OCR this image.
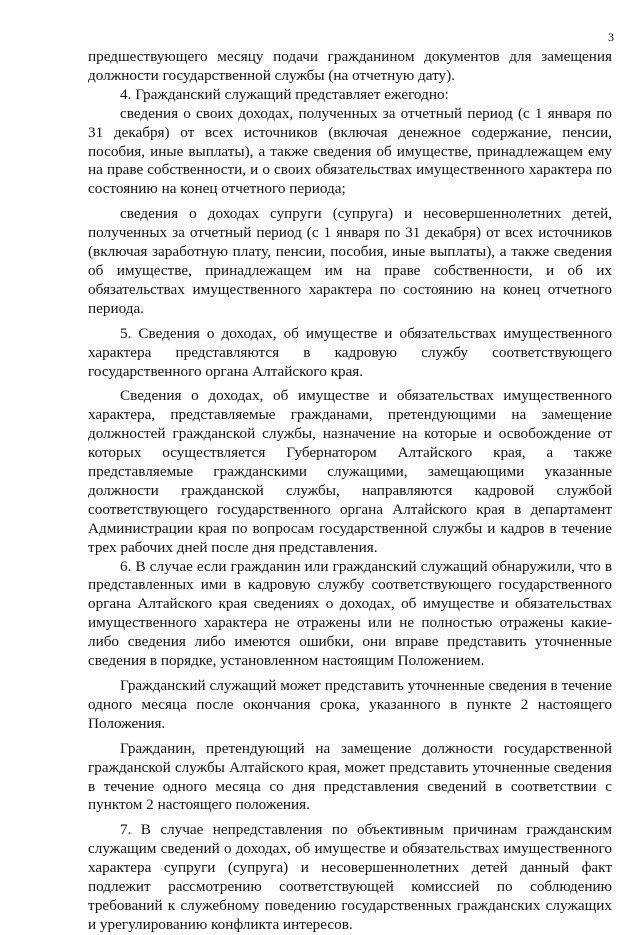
3

предшествующего месяцу подачи гражданином документов для замещения должности государственной службы (на отчетную дату).

4. Гражданский служащий представляет ежегодно:

сведения о своих доходах, полученных за отчетный период (с 1 января по 31 декабря) от всех источников (включая денежное содержание, пенсии, пособия, иные выплаты), а также сведения об имуществе, принадлежащем ему на праве собственности, и о своих обязательствах имущественного характера по состоянию на конец отчетного периода;

сведения о доходах супруги (супруга) и несовершеннолетних детей, полученных за отчетный период (с 1 января по 31 декабря) от всех источников (включая заработную плату, пенсии, пособия, иные выплаты), а также сведения об имуществе, принадлежащем им на праве собственности, и об их обязательствах имущественного характера по состоянию на конец отчетного периода.

5. Сведения о доходах, об имуществе и обязательствах имущественного характера представляются в кадровую службу соответствующего государственного органа Алтайского края.

Сведения о доходах, об имуществе и обязательствах имущественного характера, представляемые гражданами, претендующими на замещение должностей гражданской службы, назначение на которые и освобождение от которых осуществляется Губернатором Алтайского края, а также представляемые гражданскими служащими, замещающими указанные должности гражданской службы, направляются кадровой службой соответствующего государственного органа Алтайского края в департамент Администрации края по вопросам государственной службы и кадров в течение трех рабочих дней после дня представления.

6. В случае если гражданин или гражданский служащий обнаружили, что в представленных ими в кадровую службу соответствующего государственного органа Алтайского края сведениях о доходах, об имуществе и обязательствах имущественного характера не отражены или не полностью отражены какие-либо сведения либо имеются ошибки, они вправе представить уточненные сведения в порядке, установленном настоящим Положением.

Гражданский служащий может представить уточненные сведения в течение одного месяца после окончания срока, указанного в пункте 2 настоящего Положения.

Гражданин, претендующий на замещение должности государственной гражданской службы Алтайского края, может представить уточненные сведения в течение одного месяца со дня представления сведений в соответствии с пунктом 2 настоящего положения.

7. В случае непредставления по объективным причинам гражданским служащим сведений о доходах, об имуществе и обязательствах имущественного характера супруги (супруга) и несовершеннолетних детей данный факт подлежит рассмотрению соответствующей комиссией по соблюдению требований к служебному поведению государственных гражданских служащих и урегулированию конфликта интересов.
